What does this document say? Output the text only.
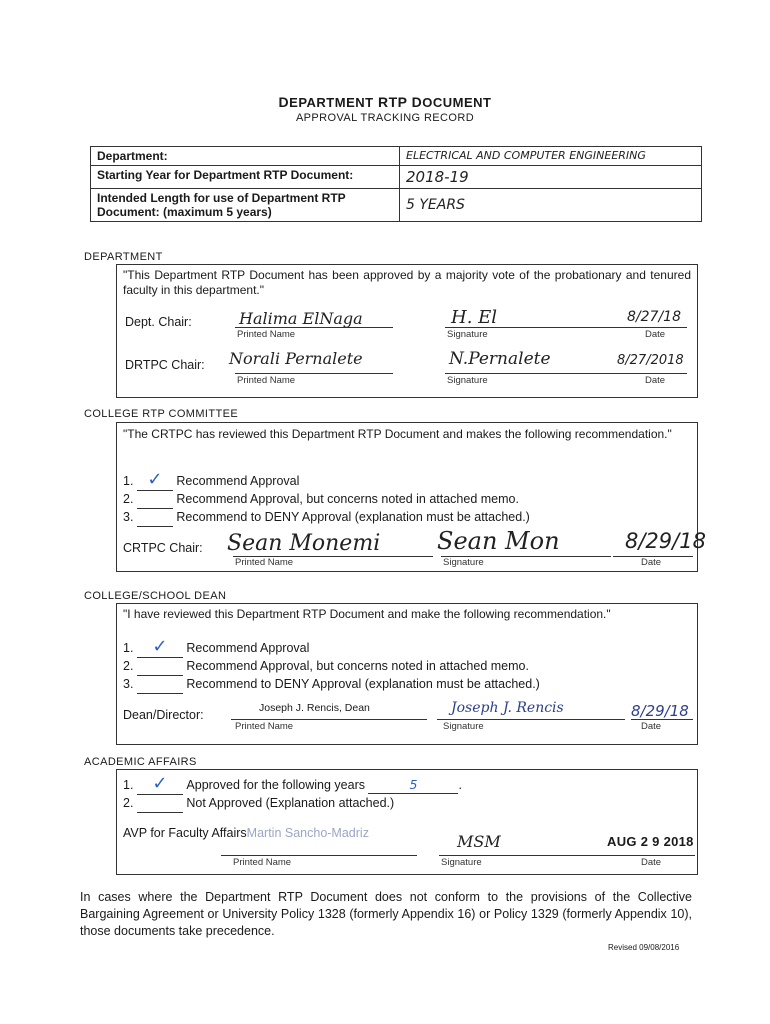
DEPARTMENT RTP DOCUMENT
APPROVAL TRACKING RECORD
Department:	ELECTRICAL AND COMPUTER ENGINEERING
Starting Year for Department RTP Document:	2018-19

Intended Length for use of Department RTP
Document: (maximum 5 years)	5 YEARS
DEPARTMENT
"This Department RTP Document has been approved by a majority vote of the probationary and tenured faculty in this department."
Dept. Chair:	Halima ElNaga
Printed Name
H. El
Signature
8/27/18
Date
DRTPC Chair: Norali Pernalete
Printed Name
N.Pernalete
Signature
8/27/2018
Date
COLLEGE RTP COMMITTEE
"The CRTPC has reviewed this Department RTP Document and makes the following recommendation."
1. ✓ Recommend Approval
2.	Recommend Approval, but concerns noted in attached memo.
3.	Recommend to DENY Approval (explanation must be attached.)
CRTPC Chair: Sean Monemi
Printed Name
Sean Mon
Signature
8/29/18
Date
COLLEGE/SCHOOL DEAN
"I have reviewed this Department RTP Document and make the following recommendation."
1. ✓ Recommend Approval
2.	Recommend Approval, but concerns noted in attached memo.
3.	Recommend to DENY Approval (explanation must be attached.)
Dean/Director:	Joseph J. Rencis, Dean
Printed Name
Joseph J. Rencis
Signature
8/29/18
Date
ACADEMIC AFFAIRS
1. ✓ Approved for the following years	5	.
2.	Not Approved (Explanation attached.)
AVP for Faculty AffairsMartin Sancho-Madriz
Printed Name
MSM
Signature
AUG 2 9 2018
Date
In cases where the Department RTP Document does not conform to the provisions of the Collective Bargaining Agreement or University Policy 1328 (formerly Appendix 16) or Policy 1329 (formerly Appendix 10), those documents take precedence.
Revised 09/08/2016
